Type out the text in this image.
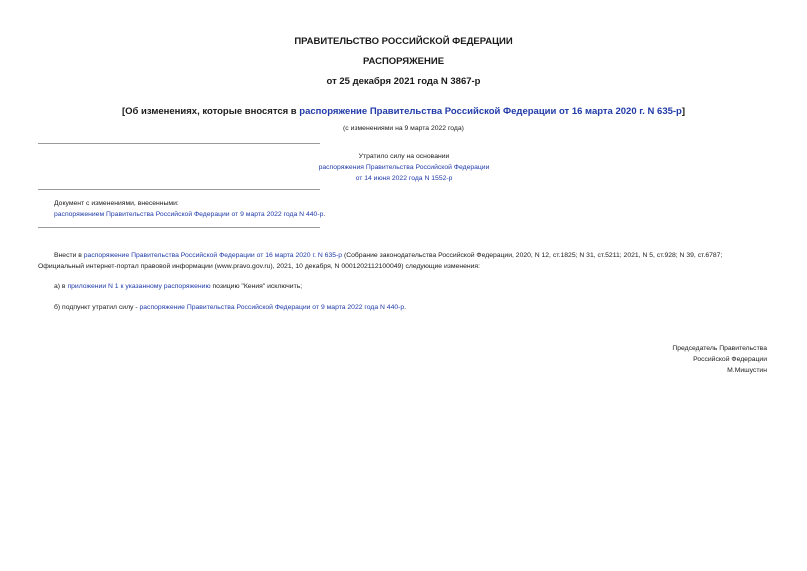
ПРАВИТЕЛЬСТВО РОССИЙСКОЙ ФЕДЕРАЦИИ
РАСПОРЯЖЕНИЕ
от 25 декабря 2021 года N 3867-р
[Об изменениях, которые вносятся в распоряжение Правительства Российской Федерации от 16 марта 2020 г. N 635-р]
(с изменениями на 9 марта 2022 года)
Утратило силу на основании
распоряжения Правительства Российской Федерации
от 14 июня 2022 года N 1552-р
Документ с изменениями, внесенными:
распоряжением Правительства Российской Федерации от 9 марта 2022 года N 440-р.
Внести в распоряжение Правительства Российской Федерации от 16 марта 2020 г. N 635-р (Собрание законодательства Российской Федерации, 2020, N 12, ст.1825; N 31, ст.5211; 2021, N 5, ст.928; N 39, ст.6787;
Официальный интернет-портал правовой информации (www.pravo.gov.ru), 2021, 10 декабря, N 0001202112100049) следующие изменения:
а) в приложении N 1 к указанному распоряжению позицию "Кения" исключить;
б) подпункт утратил силу - распоряжение Правительства Российской Федерации от 9 марта 2022 года N 440-р.
Председатель Правительства
Российской Федерации
М.Мишустин
